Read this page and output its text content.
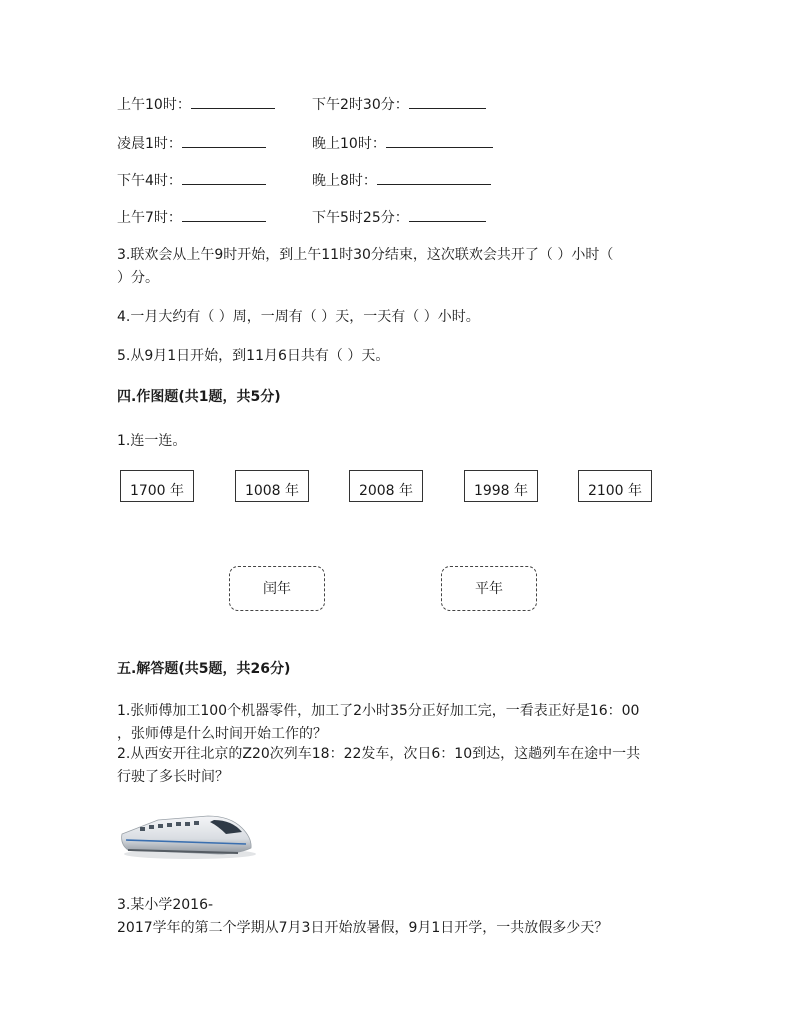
上午10时：	下午2时30分：
凌晨1时：	晚上10时：
下午4时：	晚上8时：
上午7时：	下午5时25分：
3.联欢会从上午9时开始，到上午11时30分结束，这次联欢会共开了（ ）小时（
）分。
4.一月大约有（ ）周，一周有（ ）天，一天有（ ）小时。
5.从9月1日开始，到11月6日共有（ ）天。
四.作图题(共1题，共5分)
1.连一连。
1700 年	1008 年	2008 年	1998 年	2100 年
闰年	平年
五.解答题(共5题，共26分)
1.张师傅加工100个机器零件，加工了2小时35分正好加工完，一看表正好是16：00
，张师傅是什么时间开始工作的？
2.从西安开往北京的Z20次列车18：22发车，次日6：10到达，这趟列车在途中一共
行驶了多长时间？
3.某小学2016-
2017学年的第二个学期从7月3日开始放暑假，9月1日开学，一共放假多少天？
